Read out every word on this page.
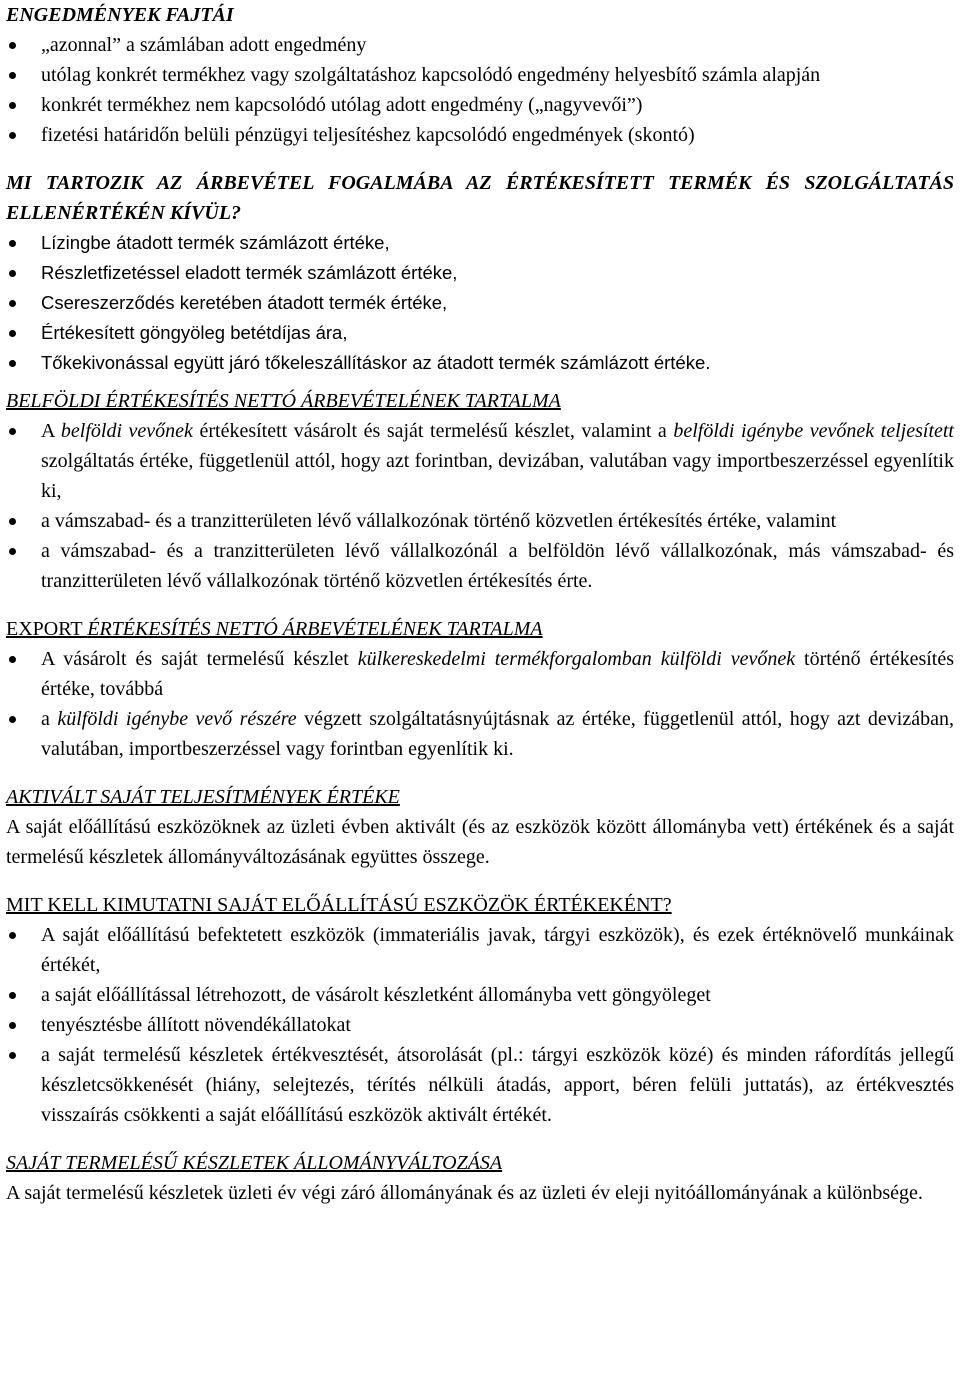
ENGEDMÉNYEK FAJTÁI
„azonnal” a számlában adott engedmény
utólag konkrét termékhez vagy szolgáltatáshoz kapcsolódó engedmény helyesbítő számla alapján
konkrét termékhez nem kapcsolódó utólag adott engedmény („nagyvevői”)
fizetési határidőn belüli pénzügyi teljesítéshez kapcsolódó engedmények (skontó)
MI TARTOZIK AZ ÁRBEVÉTEL FOGALMÁBA AZ ÉRTÉKESÍTETT TERMÉK ÉS SZOLGÁLTATÁS ELLENÉRTÉKÉN KÍVÜL?
Lízingbe átadott termék számlázott értéke,
Részletfizetéssel eladott termék számlázott értéke,
Csereszerződés keretében átadott termék értéke,
Értékesített göngyöleg betétdíjas ára,
Tőkekivonással együtt járó tőkeleszállításkor az átadott termék számlázott értéke.
BELFÖLDI ÉRTÉKESÍTÉS NETTÓ ÁRBEVÉTELÉNEK TARTALMA
A belföldi vevőnek értékesített vásárolt és saját termelésű készlet, valamint a belföldi igénybe vevőnek teljesített szolgáltatás értéke, függetlenül attól, hogy azt forintban, devizában, valutában vagy importbeszerzéssel egyenlítik ki,
a vámszabad- és a tranzitterületen lévő vállalkozónak történő közvetlen értékesítés értéke, valamint
a vámszabad- és a tranzitterületen lévő vállalkozónál a belföldön lévő vállalkozónak, más vámszabad- és tranzitterületen lévő vállalkozónak történő közvetlen értékesítés érte.
EXPORT ÉRTÉKESÍTÉS NETTÓ ÁRBEVÉTELÉNEK TARTALMA
A vásárolt és saját termelésű készlet külkereskedelmi termékforgalomban külföldi vevőnek történő értékesítés értéke, továbbá
a külföldi igénybe vevő részére végzett szolgáltatásnyújtásnak az értéke, függetlenül attól, hogy azt devizában, valutában, importbeszerzéssel vagy forintban egyenlítik ki.
AKTIVÁLT SAJÁT TELJESÍTMÉNYEK ÉRTÉKE

A saját előállítású eszközöknek az üzleti évben aktivált (és az eszközök között állományba vett) értékének és a saját termelésű készletek állományváltozásának együttes összege.

MIT KELL KIMUTATNI SAJÁT ELŐÁLLÍTÁSÚ ESZKÖZÖK ÉRTÉKEKÉNT?
A saját előállítású befektetett eszközök (immateriális javak, tárgyi eszközök), és ezek értéknövelő munkáinak értékét,
a saját előállítással létrehozott, de vásárolt készletként állományba vett göngyöleget
tenyésztésbe állított növendékállatokat
a saját termelésű készletek értékvesztését, átsorolását (pl.: tárgyi eszközök közé) és minden ráfordítás jellegű készletcsökkenését (hiány, selejtezés, térítés nélküli átadás, apport, béren felüli juttatás), az értékvesztés visszaírás csökkenti a saját előállítású eszközök aktivált értékét.
SAJÁT TERMELÉSŰ KÉSZLETEK ÁLLOMÁNYVÁLTOZÁSA

A saját termelésű készletek üzleti év végi záró állományának és az üzleti év eleji nyitóállományának a különbsége.
